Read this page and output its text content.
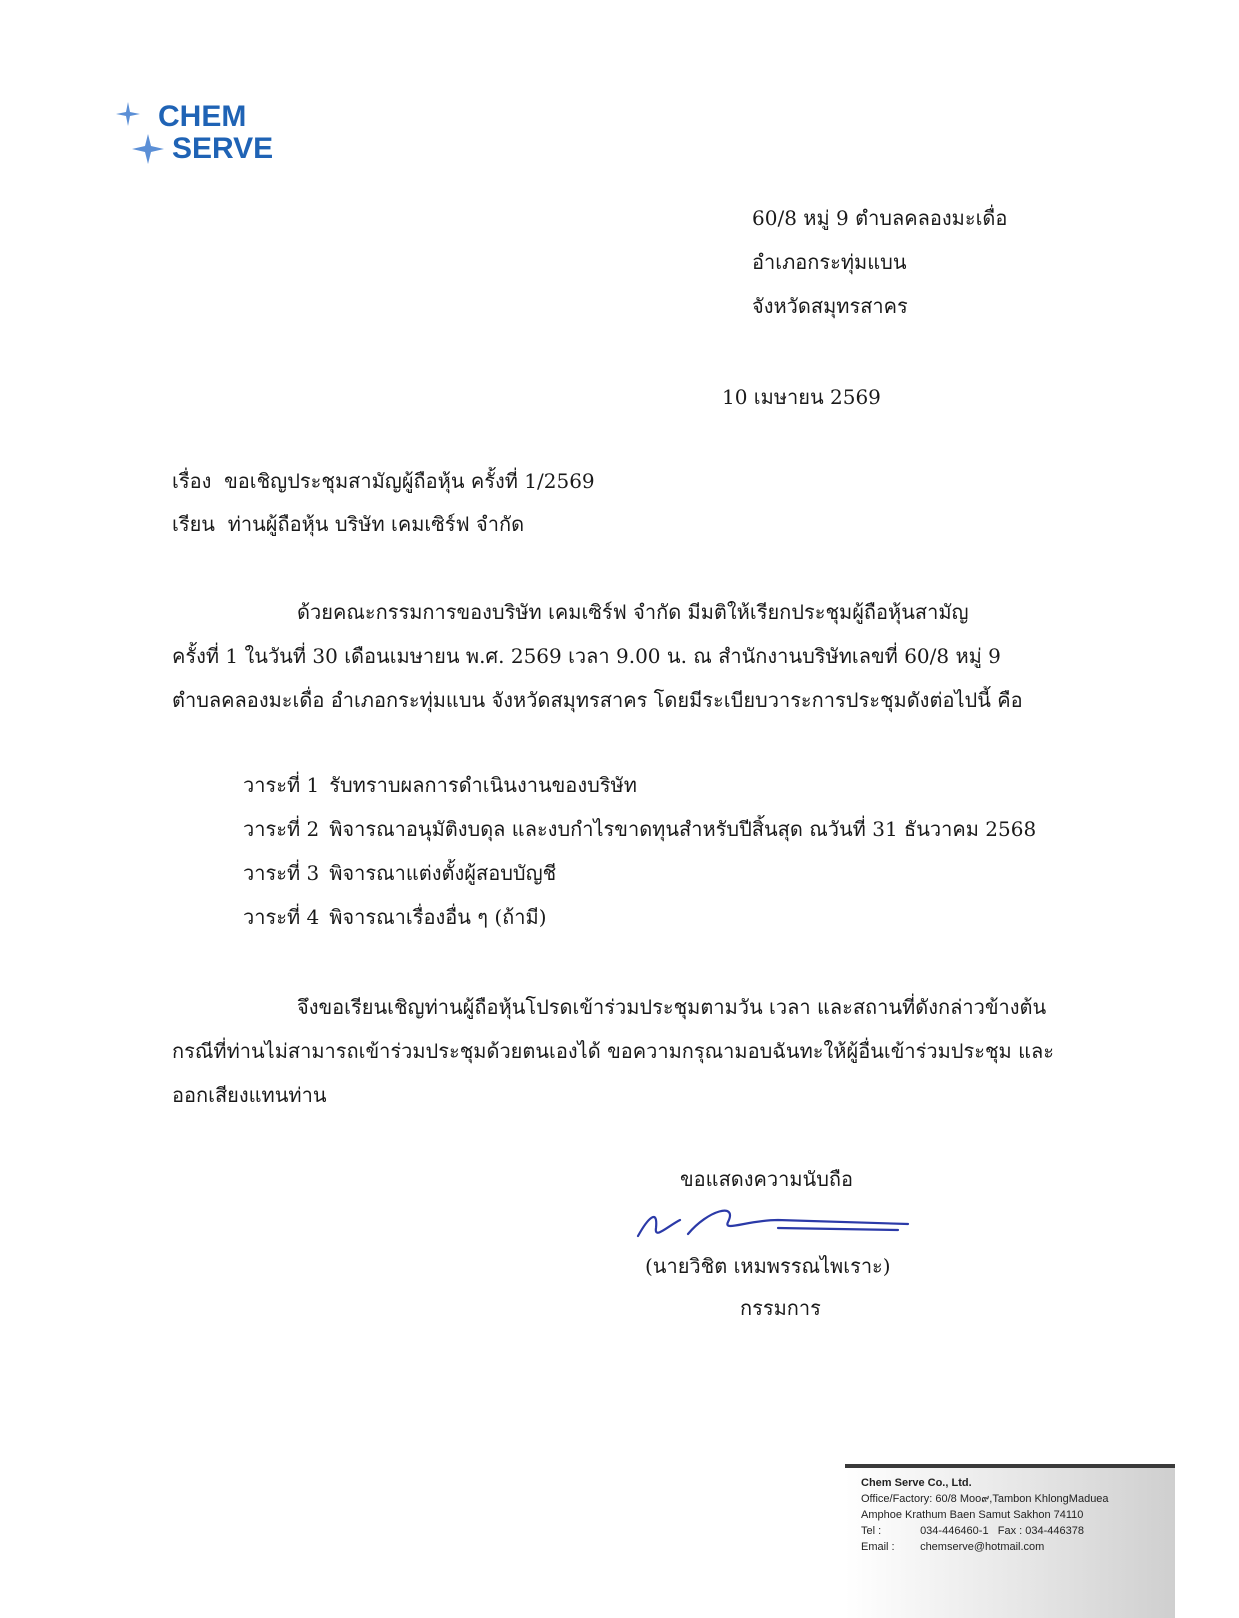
CHEM
SERVE
60/8 หมู่ 9 ตำบลคลองมะเดื่อ
อำเภอกระทุ่มแบน
จังหวัดสมุทรสาคร
10 เมษายน 2569
เรื่อง ขอเชิญประชุมสามัญผู้ถือหุ้น ครั้งที่ 1/2569
เรียน ท่านผู้ถือหุ้น บริษัท เคมเซิร์ฟ จำกัด
ด้วยคณะกรรมการของบริษัท เคมเซิร์ฟ จำกัด มีมติให้เรียกประชุมผู้ถือหุ้นสามัญ
ครั้งที่ 1 ในวันที่ 30 เดือนเมษายน พ.ศ. 2569 เวลา 9.00 น. ณ สำนักงานบริษัทเลขที่ 60/8 หมู่ 9
ตำบลคลองมะเดื่อ อำเภอกระทุ่มแบน จังหวัดสมุทรสาคร โดยมีระเบียบวาระการประชุมดังต่อไปนี้ คือ
วาระที่ 1 รับทราบผลการดำเนินงานของบริษัท
วาระที่ 2 พิจารณาอนุมัติงบดุล และงบกำไรขาดทุนสำหรับปีสิ้นสุด ณวันที่ 31 ธันวาคม 2568
วาระที่ 3 พิจารณาแต่งตั้งผู้สอบบัญชี
วาระที่ 4 พิจารณาเรื่องอื่น ๆ (ถ้ามี)
จึงขอเรียนเชิญท่านผู้ถือหุ้นโปรดเข้าร่วมประชุมตามวัน เวลา และสถานที่ดังกล่าวข้างต้น
กรณีที่ท่านไม่สามารถเข้าร่วมประชุมด้วยตนเองได้ ขอความกรุณามอบฉันทะให้ผู้อื่นเข้าร่วมประชุม และ
ออกเสียงแทนท่าน
ขอแสดงความนับถือ
(นายวิชิต เหมพรรณไพเราะ)
กรรมการ
Chem Serve Co., Ltd.
Office/Factory: 60/8 Moo๙,Tambon KhlongMaduea
Amphoe Krathum Baen Samut Sakhon 74110
Tel :	034-446460-1 Fax : 034-446378
Email : chemserve@hotmail.com
